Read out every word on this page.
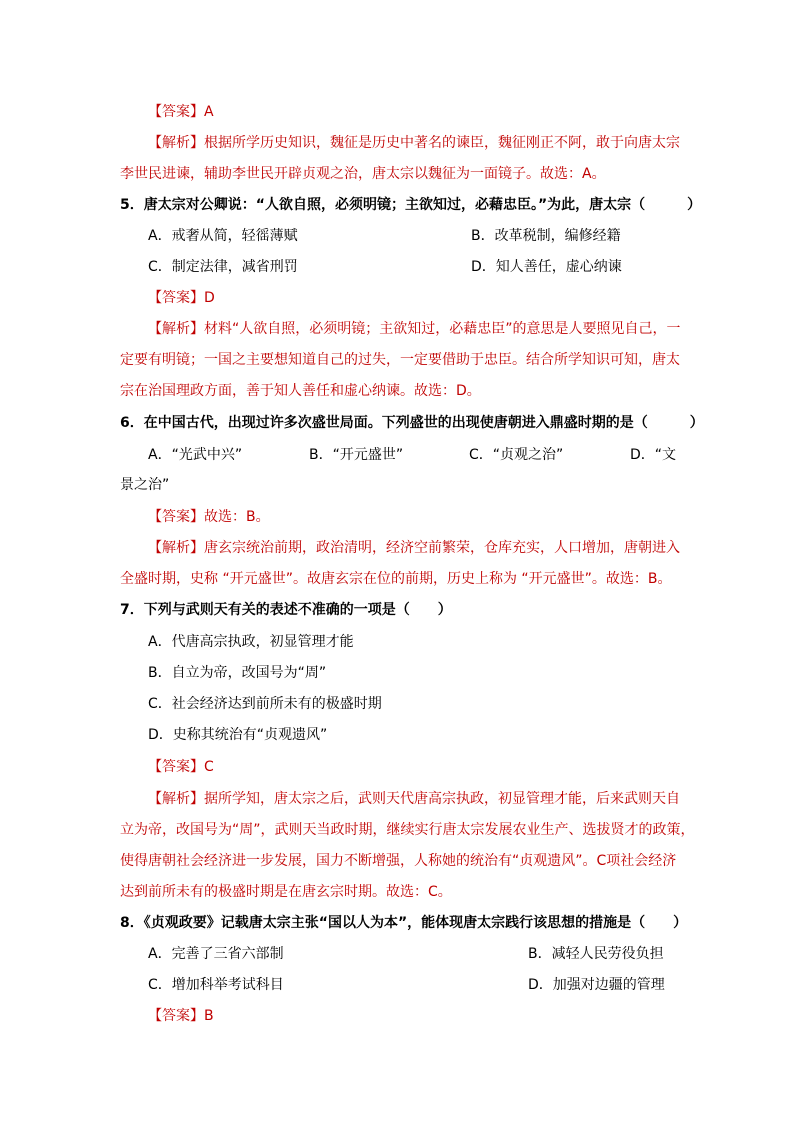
【答案】A
【解析】根据所学历史知识，魏征是历史中著名的谏臣，魏征刚正不阿，敢于向唐太宗
李世民进谏，辅助李世民开辟贞观之治，唐太宗以魏征为一面镜子。故选：A。
5．唐太宗对公卿说：“人欲自照，必须明镜；主欲知过，必藉忠臣。”为此，唐太宗（　　　）
A．戒奢从简，轻徭薄赋	B．改革税制，编修经籍
C．制定法律，减省刑罚	D．知人善任，虚心纳谏
【答案】D
【解析】材料“人欲自照，必须明镜；主欲知过，必藉忠臣”的意思是人要照见自己，一
定要有明镜；一国之主要想知道自己的过失，一定要借助于忠臣。结合所学知识可知，唐太
宗在治国理政方面，善于知人善任和虚心纳谏。故选：D。
6．在中国古代，出现过许多次盛世局面。下列盛世的出现使唐朝进入鼎盛时期的是（　　　）
A．“光武中兴”	B．“开元盛世”	C．“贞观之治”	D．“文
景之治”
【答案】故选：B。
【解析】唐玄宗统治前期，政治清明，经济空前繁荣，仓库充实，人口增加，唐朝进入
全盛时期，史称 “开元盛世”。故唐玄宗在位的前期，历史上称为 “开元盛世”。故选：B。
7．下列与武则天有关的表述不准确的一项是（　　）
A．代唐高宗执政，初显管理才能
B．自立为帝，改国号为“周”
C．社会经济达到前所未有的极盛时期
D．史称其统治有“贞观遗风”
【答案】C
【解析】据所学知，唐太宗之后，武则天代唐高宗执政，初显管理才能，后来武则天自
立为帝，改国号为“周”，武则天当政时期，继续实行唐太宗发展农业生产、选拔贤才的政策，
使得唐朝社会经济进一步发展，国力不断增强，人称她的统治有“贞观遗风”。C项社会经济
达到前所未有的极盛时期是在唐玄宗时期。故选：C。
8．《贞观政要》记载唐太宗主张“国以人为本”，能体现唐太宗践行该思想的措施是（　　）
A．完善了三省六部制	B．减轻人民劳役负担
C．增加科举考试科目	D．加强对边疆的管理
【答案】B
